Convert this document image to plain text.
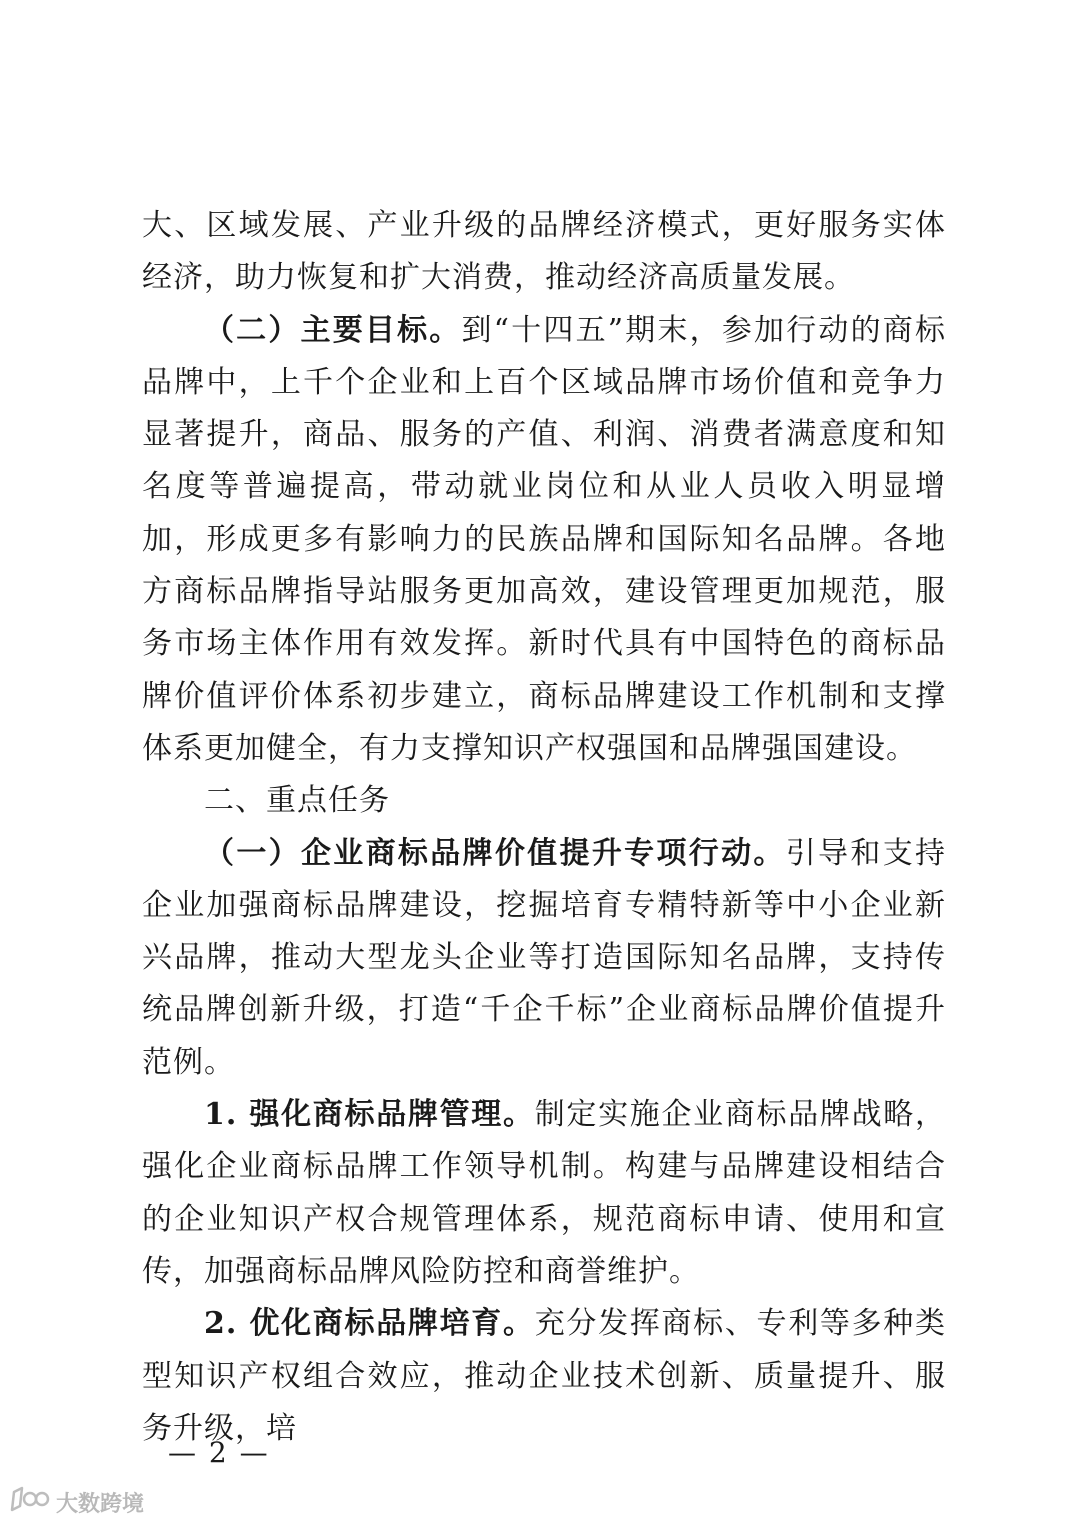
大、区域发展、产业升级的品牌经济模式，更好服务实体经济，助力恢复和扩大消费，推动经济高质量发展。

（二）主要目标。到“十四五”期末，参加行动的商标品牌中，上千个企业和上百个区域品牌市场价值和竞争力显著提升，商品、服务的产值、利润、消费者满意度和知名度等普遍提高，带动就业岗位和从业人员收入明显增加，形成更多有影响力的民族品牌和国际知名品牌。各地方商标品牌指导站服务更加高效，建设管理更加规范，服务市场主体作用有效发挥。新时代具有中国特色的商标品牌价值评价体系初步建立，商标品牌建设工作机制和支撑体系更加健全，有力支撑知识产权强国和品牌强国建设。

二、重点任务

（一）企业商标品牌价值提升专项行动。引导和支持企业加强商标品牌建设，挖掘培育专精特新等中小企业新兴品牌，推动大型龙头企业等打造国际知名品牌，支持传统品牌创新升级，打造“千企千标”企业商标品牌价值提升范例。

1. 强化商标品牌管理。制定实施企业商标品牌战略，强化企业商标品牌工作领导机制。构建与品牌建设相结合的企业知识产权合规管理体系，规范商标申请、使用和宣传，加强商标品牌风险防控和商誉维护。

2. 优化商标品牌培育。充分发挥商标、专利等多种类型知识产权组合效应，推动企业技术创新、质量提升、服务升级，培

— 2 —
大数跨境
